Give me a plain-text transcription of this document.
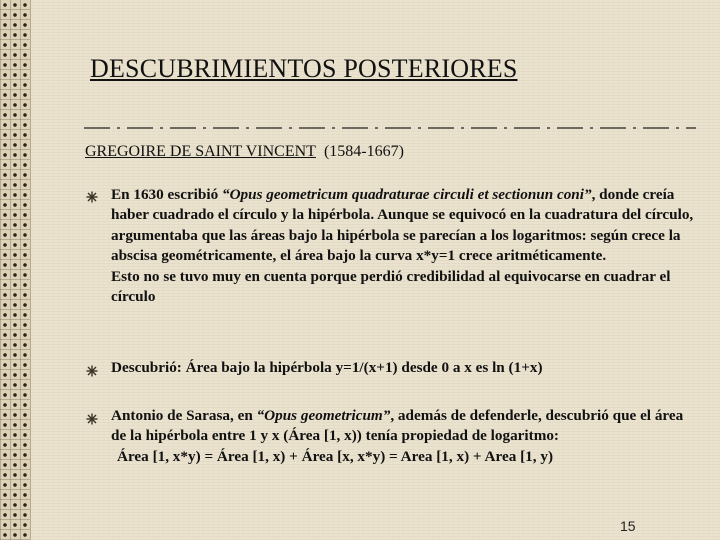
DESCUBRIMIENTOS POSTERIORES
GREGOIRE DE SAINT VINCENT (1584-1667)

En 1630 escribió “Opus geometricum quadraturae circuli et sectionun coni”, donde creía haber cuadrado el círculo y la hipérbola. Aunque se equivocó en la cuadratura del círculo, argumentaba que las áreas bajo la hipérbola se parecían a los logaritmos: según crece la abscisa geométricamente, el área bajo la curva x*y=1 crece aritméticamente.

Esto no se tuvo muy en cuenta porque perdió credibilidad al equivocarse en cuadrar el círculo

Descubrió: Área bajo la hipérbola y=1/(x+1) desde 0 a x es ln (1+x)

Antonio de Sarasa, en “Opus geometricum”, además de defenderle, descubrió que el área de la hipérbola entre 1 y x (Área [1, x)) tenía propiedad de logaritmo:

Área [1, x*y) = Área [1, x) + Área [x, x*y) = Area [1, x) + Area [1, y)

15
